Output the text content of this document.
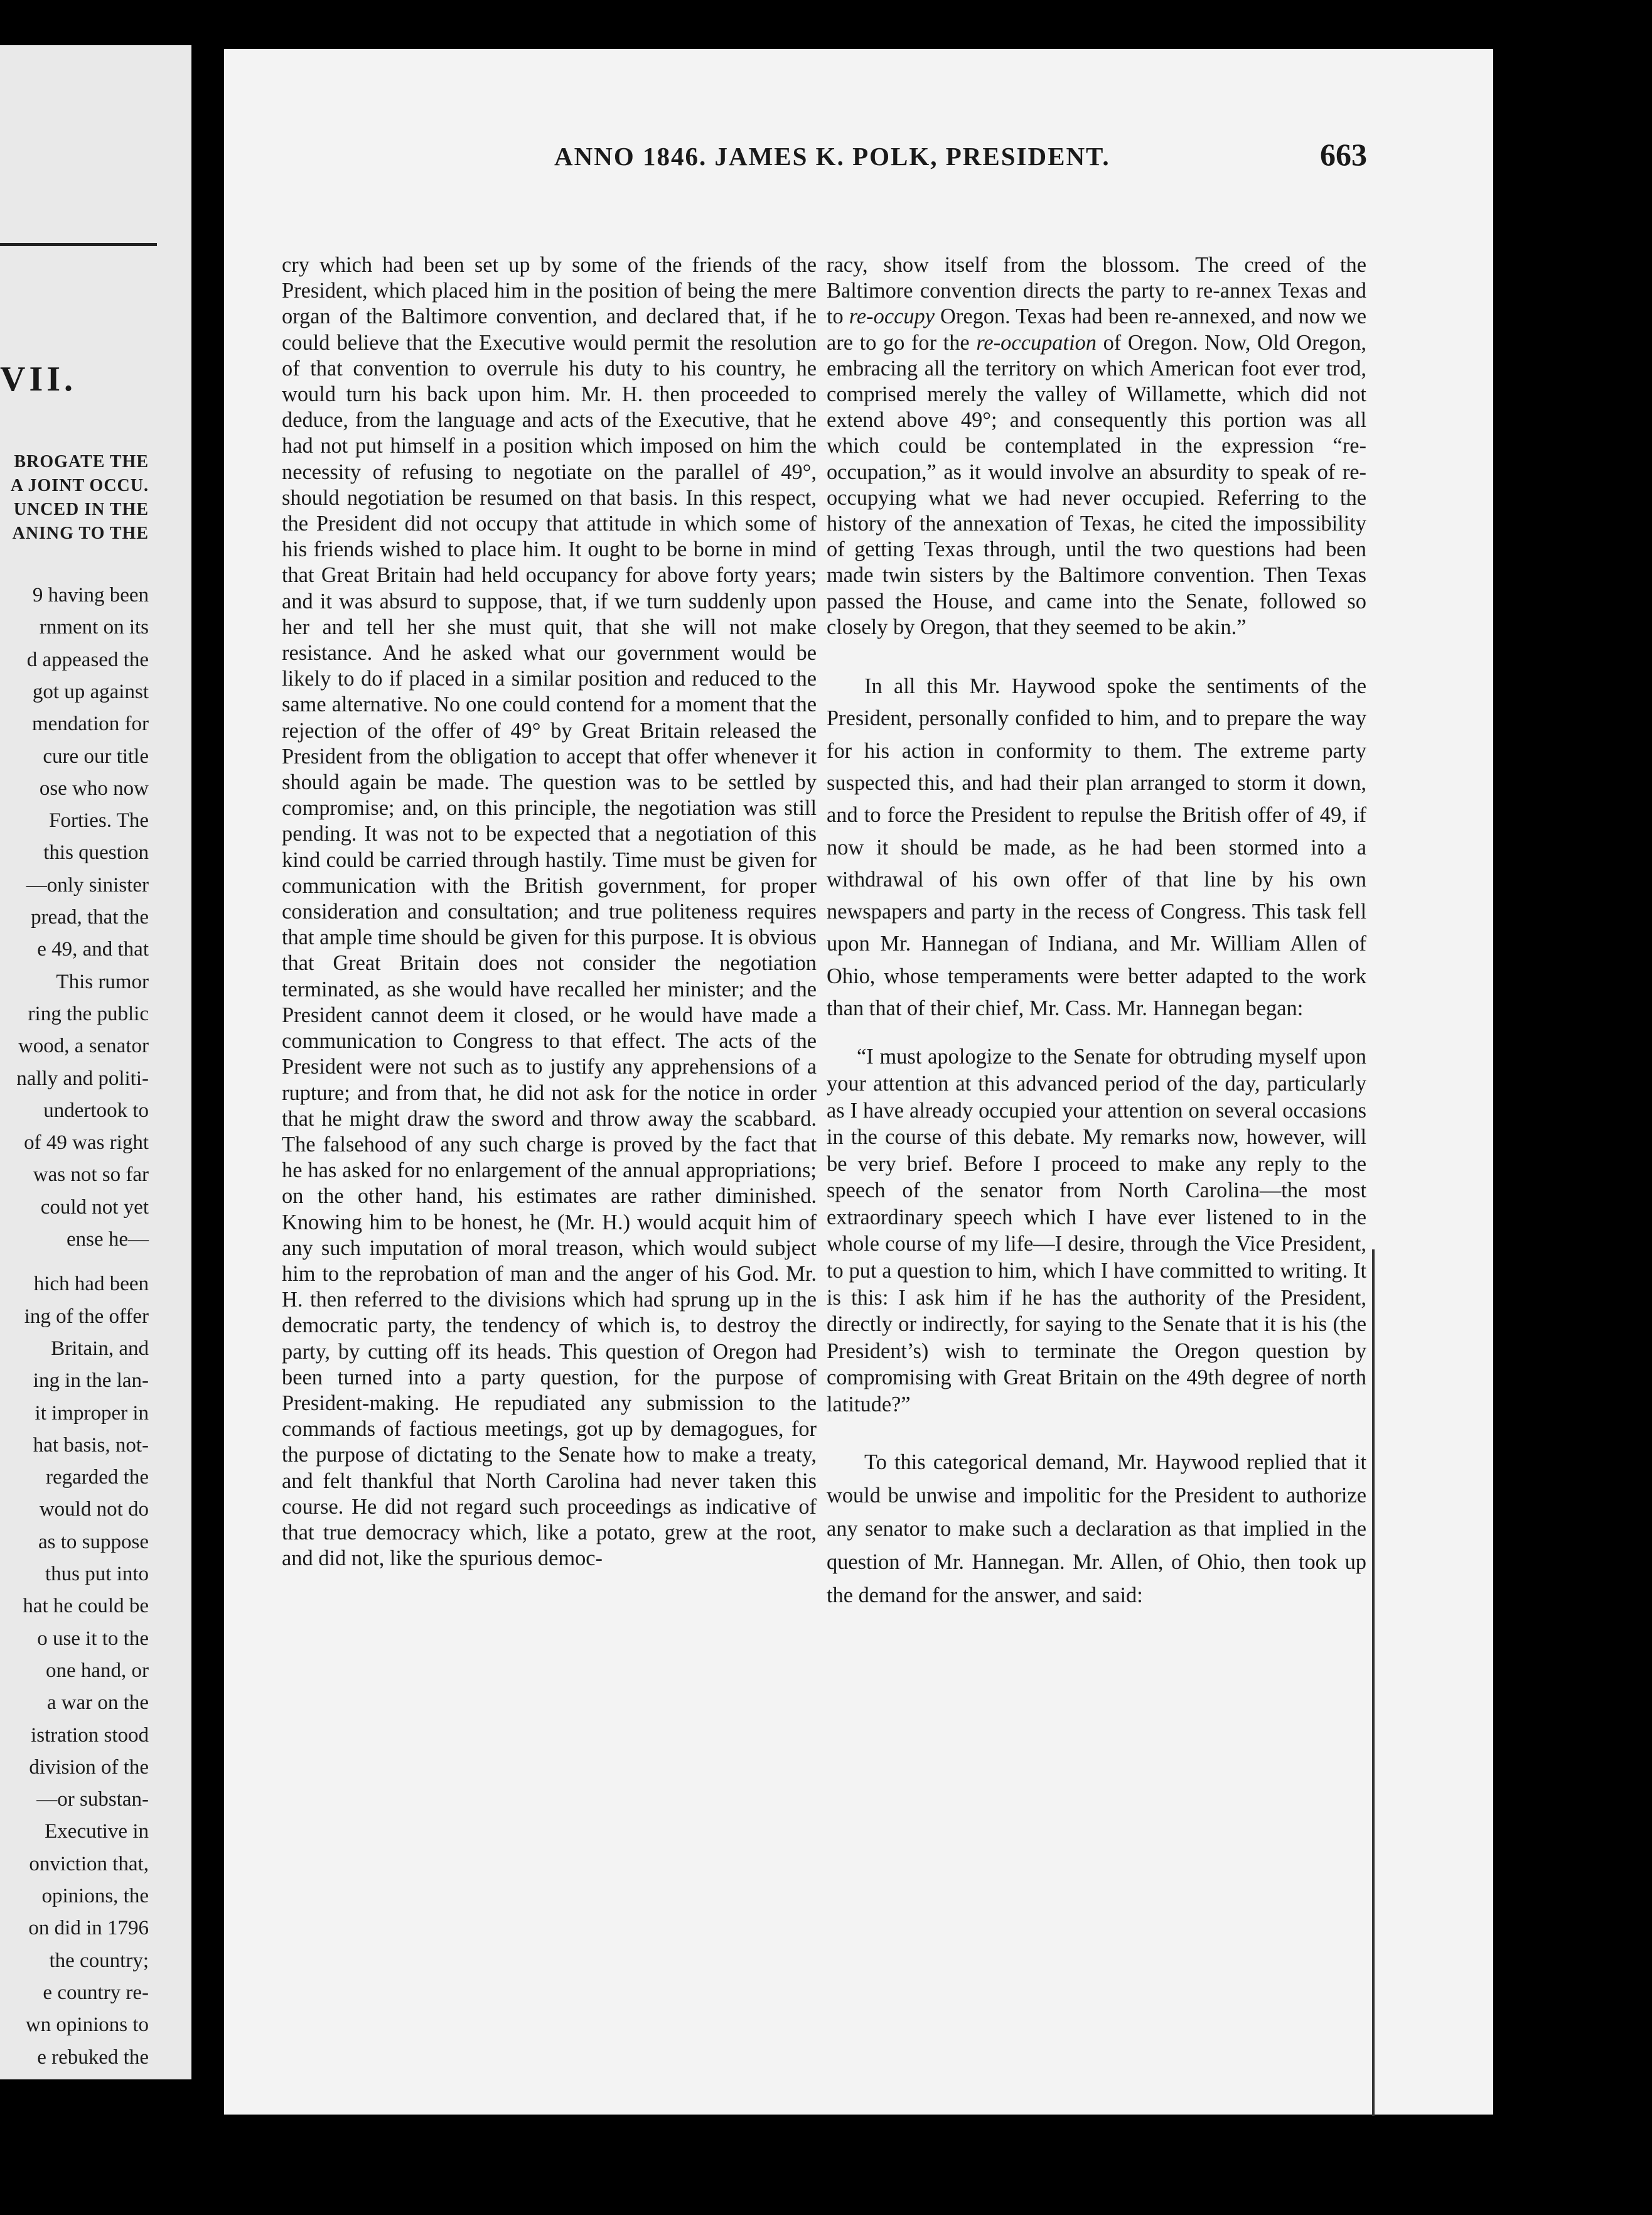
VII.
BROGATE THE
A JOINT OCCU.
UNCED IN THE
ANING TO THE
9 having been
rnment on its
d appeased the
got up against
mendation for
cure our title
ose who now
Forties. The
this question
—only sinister
pread, that the
e 49, and that
This rumor
ring the public
wood, a senator
nally and politi-
undertook to
of 49 was right
was not so far
could not yet
ense he—
hich had been
ing of the offer
Britain, and
ing in the lan-
it improper in
hat basis, not-
regarded the
would not do
as to suppose
thus put into
hat he could be
o use it to the
one hand, or
a war on the
istration stood
division of the
—or substan-
Executive in
onviction that,
opinions, the
on did in 1796
the country;
e country re-
wn opinions to
e rebuked the
ANNO 1846. JAMES K. POLK, PRESIDENT.	663

cry which had been set up by some of the friends of the President, which placed him in the position of being the mere organ of the Baltimore convention, and declared that, if he could believe that the Executive would permit the resolution of that convention to overrule his duty to his country, he would turn his back upon him. Mr. H. then proceeded to deduce, from the language and acts of the Executive, that he had not put himself in a position which imposed on him the necessity of refusing to negotiate on the parallel of 49°, should negotiation be resumed on that basis. In this respect, the President did not occupy that attitude in which some of his friends wished to place him. It ought to be borne in mind that Great Britain had held occupancy for above forty years; and it was absurd to suppose, that, if we turn suddenly upon her and tell her she must quit, that she will not make resistance. And he asked what our government would be likely to do if placed in a similar position and reduced to the same alternative. No one could contend for a moment that the rejection of the offer of 49° by Great Britain released the President from the obligation to accept that offer whenever it should again be made. The question was to be settled by compromise; and, on this principle, the negotiation was still pending. It was not to be expected that a negotiation of this kind could be carried through hastily. Time must be given for communication with the British government, for proper consideration and consultation; and true politeness requires that ample time should be given for this purpose. It is obvious that Great Britain does not consider the negotiation terminated, as she would have recalled her minister; and the President cannot deem it closed, or he would have made a communication to Congress to that effect. The acts of the President were not such as to justify any apprehensions of a rupture; and from that, he did not ask for the notice in order that he might draw the sword and throw away the scabbard. The falsehood of any such charge is proved by the fact that he has asked for no enlargement of the annual appropriations; on the other hand, his estimates are rather diminished. Knowing him to be honest, he (Mr. H.) would acquit him of any such imputation of moral treason, which would subject him to the reprobation of man and the anger of his God. Mr. H. then referred to the divisions which had sprung up in the democratic party, the tendency of which is, to destroy the party, by cutting off its heads. This question of Oregon had been turned into a party question, for the purpose of President-making. He repudiated any submission to the commands of factious meetings, got up by demagogues, for the purpose of dictating to the Senate how to make a treaty, and felt thankful that North Carolina had never taken this course. He did not regard such proceedings as indicative of that true democracy which, like a potato, grew at the root, and did not, like the spurious democ-

racy, show itself from the blossom. The creed of the Baltimore convention directs the party to re-annex Texas and to re-occupy Oregon. Texas had been re-annexed, and now we are to go for the re-occupation of Oregon. Now, Old Oregon, embracing all the territory on which American foot ever trod, comprised merely the valley of Willamette, which did not extend above 49°; and consequently this portion was all which could be contemplated in the expression “re-occupation,” as it would involve an absurdity to speak of re-occupying what we had never occupied. Referring to the history of the annexation of Texas, he cited the impossibility of getting Texas through, until the two questions had been made twin sisters by the Baltimore convention. Then Texas passed the House, and came into the Senate, followed so closely by Oregon, that they seemed to be akin.”

In all this Mr. Haywood spoke the sentiments of the President, personally confided to him, and to prepare the way for his action in conformity to them. The extreme party suspected this, and had their plan arranged to storm it down, and to force the President to repulse the British offer of 49, if now it should be made, as he had been stormed into a withdrawal of his own offer of that line by his own newspapers and party in the recess of Congress. This task fell upon Mr. Hannegan of Indiana, and Mr. William Allen of Ohio, whose temperaments were better adapted to the work than that of their chief, Mr. Cass. Mr. Hannegan began:

“I must apologize to the Senate for obtruding myself upon your attention at this advanced period of the day, particularly as I have already occupied your attention on several occasions in the course of this debate. My remarks now, however, will be very brief. Before I proceed to make any reply to the speech of the senator from North Carolina—the most extraordinary speech which I have ever listened to in the whole course of my life—I desire, through the Vice President, to put a question to him, which I have committed to writing. It is this: I ask him if he has the authority of the President, directly or indirectly, for saying to the Senate that it is his (the President’s) wish to terminate the Oregon question by compromising with Great Britain on the 49th degree of north latitude?”

To this categorical demand, Mr. Haywood replied that it would be unwise and impolitic for the President to authorize any senator to make such a declaration as that implied in the question of Mr. Hannegan. Mr. Allen, of Ohio, then took up the demand for the answer, and said:
